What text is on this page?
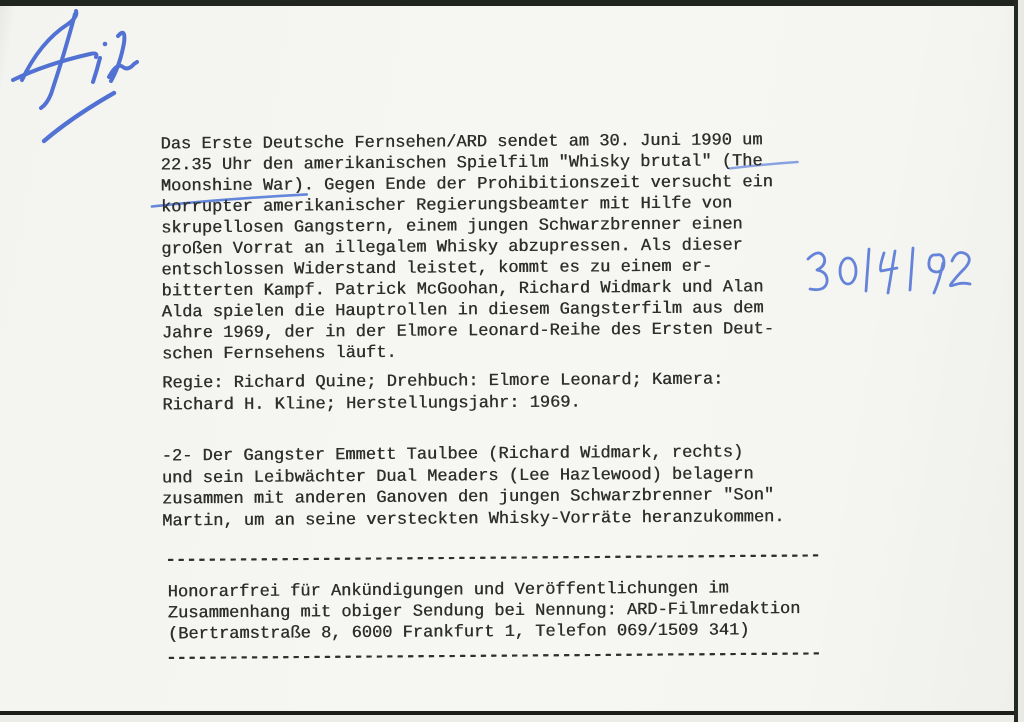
Das Erste Deutsche Fernsehen/ARD sendet am 30. Juni 1990 um
22.35 Uhr den amerikanischen Spielfilm "Whisky brutal" (The
Moonshine War). Gegen Ende der Prohibitionszeit versucht ein
korrupter amerikanischer Regierungsbeamter mit Hilfe von
skrupellosen Gangstern, einem jungen Schwarzbrenner einen
großen Vorrat an illegalem Whisky abzupressen. Als dieser
entschlossen Widerstand leistet, kommt es zu einem er-
bitterten Kampf. Patrick McGoohan, Richard Widmark und Alan
Alda spielen die Hauptrollen in diesem Gangsterfilm aus dem
Jahre 1969, der in der Elmore Leonard-Reihe des Ersten Deut-
schen Fernsehens läuft.
Regie: Richard Quine; Drehbuch: Elmore Leonard; Kamera:
Richard H. Kline; Herstellungsjahr: 1969.
-2- Der Gangster Emmett Taulbee (Richard Widmark, rechts)
und sein Leibwächter Dual Meaders (Lee Hazlewood) belagern
zusammen mit anderen Ganoven den jungen Schwarzbrenner "Son"
Martin, um an seine versteckten Whisky-Vorräte heranzukommen.
---------------------------------------------------------------
Honorarfrei für Ankündigungen und Veröffentlichungen im
Zusammenhang mit obiger Sendung bei Nennung: ARD-Filmredaktion
(Bertramstraße 8, 6000 Frankfurt 1, Telefon 069/1509 341)
---------------------------------------------------------------
